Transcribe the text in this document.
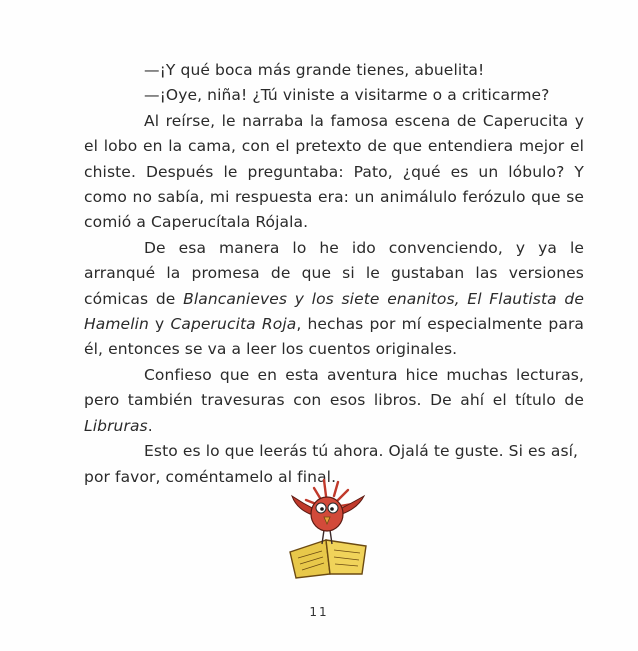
—¡Y qué boca más grande tienes, abuelita!

—¡Oye, niña! ¿Tú viniste a visitarme o a criticarme?

Al reírse, le narraba la famosa escena de Caperucita y el lobo en la cama, con el pretexto de que entendiera mejor el chiste. Después le preguntaba: Pato, ¿qué es un lóbulo? Y como no sabía, mi respuesta era: un animálulo ferózulo que se comió a Caperucítala Rójala.

De esa manera lo he ido convenciendo, y ya le arranqué la promesa de que si le gustaban las versiones cómicas de Blancanieves y los siete enanitos, El Flautista de Hamelin y Caperucita Roja, hechas por mí especialmente para él, entonces se va a leer los cuentos originales.

Confieso que en esta aventura hice muchas lecturas, pero también travesuras con esos libros. De ahí el título de Libruras.

Esto es lo que leerás tú ahora. Ojalá te guste. Si es así, por favor, coméntamelo al final.

11
